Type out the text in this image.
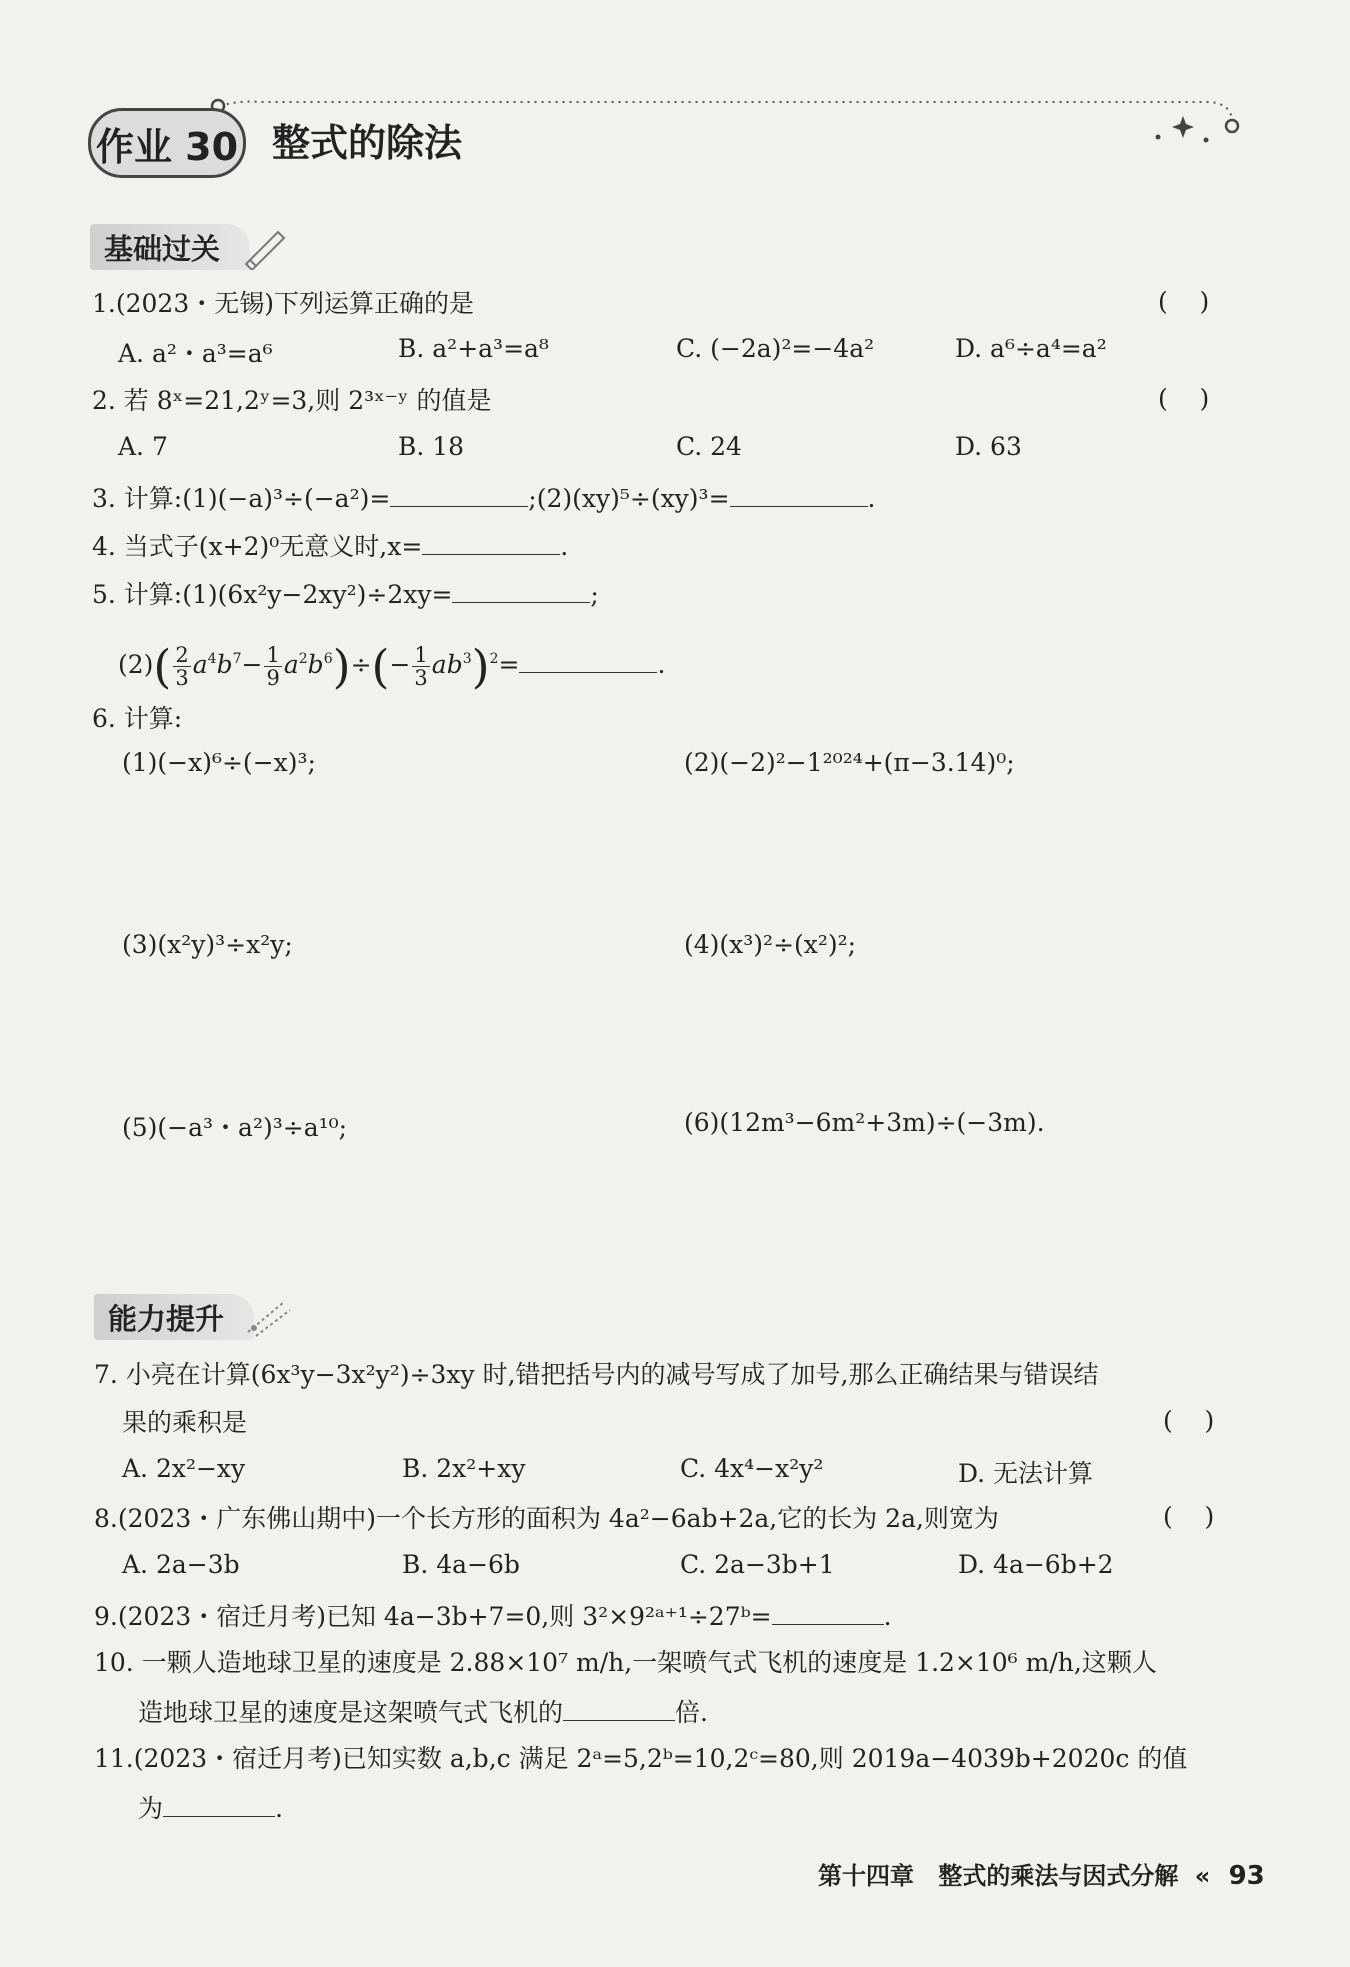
作业 30 整式的除法
基础过关
1.(2023・无锡)下列运算正确的是	(    )
A. a²・a³=a⁶	B. a²+a³=a⁸	C. (−2a)²=−4a²	D. a⁶÷a⁴=a²
2. 若 8ˣ=21,2ʸ=3,则 2³ˣ⁻ʸ 的值是	(    )
A. 7	B. 18	C. 24	D. 63
3. 计算:(1)(−a)³÷(−a²)=	;(2)(xy)⁵÷(xy)³=	.
4. 当式子(x+2)⁰无意义时,x=	.
5. 计算:(1)(6x²y−2xy²)÷2xy=	;
$(2)( \frac{2}{3} a^4b^7- \frac{1}{9} a^2b^6)\div(- \frac{1}{3} ab^3)^2=$	.
6. 计算:
(1)(−x)⁶÷(−x)³;	(2)(−2)²−1²⁰²⁴+(π−3.14)⁰;
(3)(x²y)³÷x²y;	(4)(x³)²÷(x²)²;
(5)(−a³・a²)³÷a¹⁰;	(6)(12m³−6m²+3m)÷(−3m).
能力提升
7. 小亮在计算(6x³y−3x²y²)÷3xy 时,错把括号内的减号写成了加号,那么正确结果与错误结
果的乘积是	(    )
A. 2x²−xy	B. 2x²+xy	C. 4x⁴−x²y²	D. 无法计算
8.(2023・广东佛山期中)一个长方形的面积为 4a²−6ab+2a,它的长为 2a,则宽为	(    )
A. 2a−3b	B. 4a−6b	C. 2a−3b+1	D. 4a−6b+2
9.(2023・宿迁月考)已知 4a−3b+7=0,则 3²×9²ᵃ⁺¹÷27ᵇ=	.
10. 一颗人造地球卫星的速度是 2.88×10⁷ m/h,一架喷气式飞机的速度是 1.2×10⁶ m/h,这颗人
造地球卫星的速度是这架喷气式飞机的	倍.
11.(2023・宿迁月考)已知实数 a,b,c 满足 2ᵃ=5,2ᵇ=10,2ᶜ=80,则 2019a−4039b+2020c 的值
为	.
第十四章 整式的乘法与因式分解 « 93
